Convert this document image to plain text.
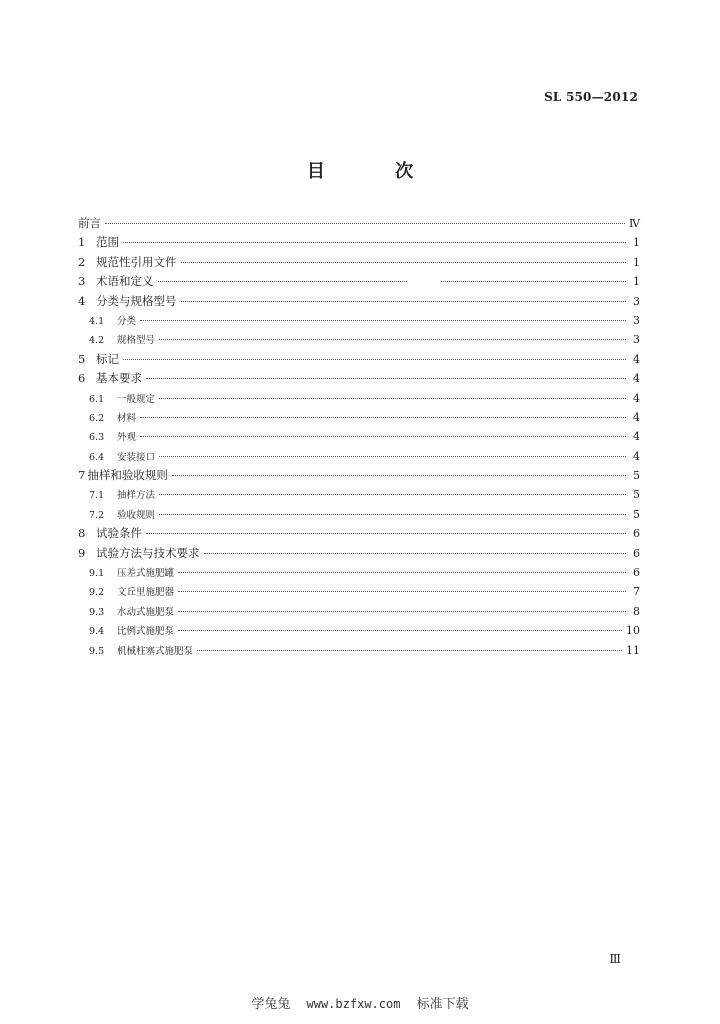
SL 550—2012
目 次
前言	Ⅳ
1 范围	1
2 规范性引用文件	1
3 术语和定义	1
4 分类与规格型号	3
4.1	分类	3
4.2	规格型号	3
5 标记	4
6 基本要求	4
6.1	一般规定	4
6.2	材料	4
6.3	外观	4
6.4	安装接口	4
7 抽样和验收规则	5
7.1	抽样方法	5
7.2	验收规则	5
8 试验条件	6
9 试验方法与技术要求	6
9.1	压差式施肥罐	6
9.2	文丘里施肥器	7
9.3	水动式施肥泵	8
9.4	比例式施肥泵	10
9.5	机械柱塞式施肥泵	11
Ⅲ
学兔兔 www.bzfxw.com 标准下载
